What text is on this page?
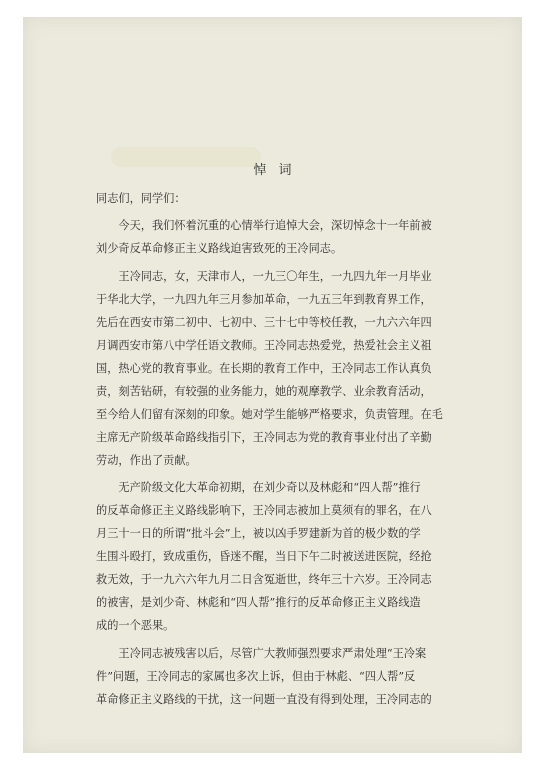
悼词
同志们，同学们：
　　今天，我们怀着沉重的心情举行追悼大会，深切悼念十一年前被
刘少奇反革命修正主义路线迫害致死的王冷同志。
　　王冷同志，女，天津市人，一九三〇年生，一九四九年一月毕业
于华北大学，一九四九年三月参加革命，一九五三年到教育界工作，
先后在西安市第二初中、七初中、三十七中等校任教，一九六六年四
月调西安市第八中学任语文教师。王冷同志热爱党，热爱社会主义祖
国，热心党的教育事业。在长期的教育工作中，王冷同志工作认真负
责，刻苦钻研，有较强的业务能力，她的观摩教学、业余教育活动，
至今给人们留有深刻的印象。她对学生能够严格要求，负责管理。在毛
主席无产阶级革命路线指引下，王冷同志为党的教育事业付出了辛勤
劳动，作出了贡献。
　　无产阶级文化大革命初期，在刘少奇以及林彪和“四人帮”推行
的反革命修正主义路线影响下，王冷同志被加上莫须有的罪名，在八
月三十一日的所谓“批斗会”上，被以凶手罗建新为首的极少数的学
生围斗殴打，致成重伤，昏迷不醒，当日下午二时被送进医院，经抢
救无效，于一九六六年九月二日含冤逝世，终年三十六岁。王冷同志
的被害，是刘少奇、林彪和“四人帮”推行的反革命修正主义路线造
成的一个恶果。
　　王冷同志被残害以后，尽管广大教师强烈要求严肃处理“王冷案
件”问题，王冷同志的家属也多次上诉，但由于林彪、“四人帮”反
革命修正主义路线的干扰，这一问题一直没有得到处理，王冷同志的
